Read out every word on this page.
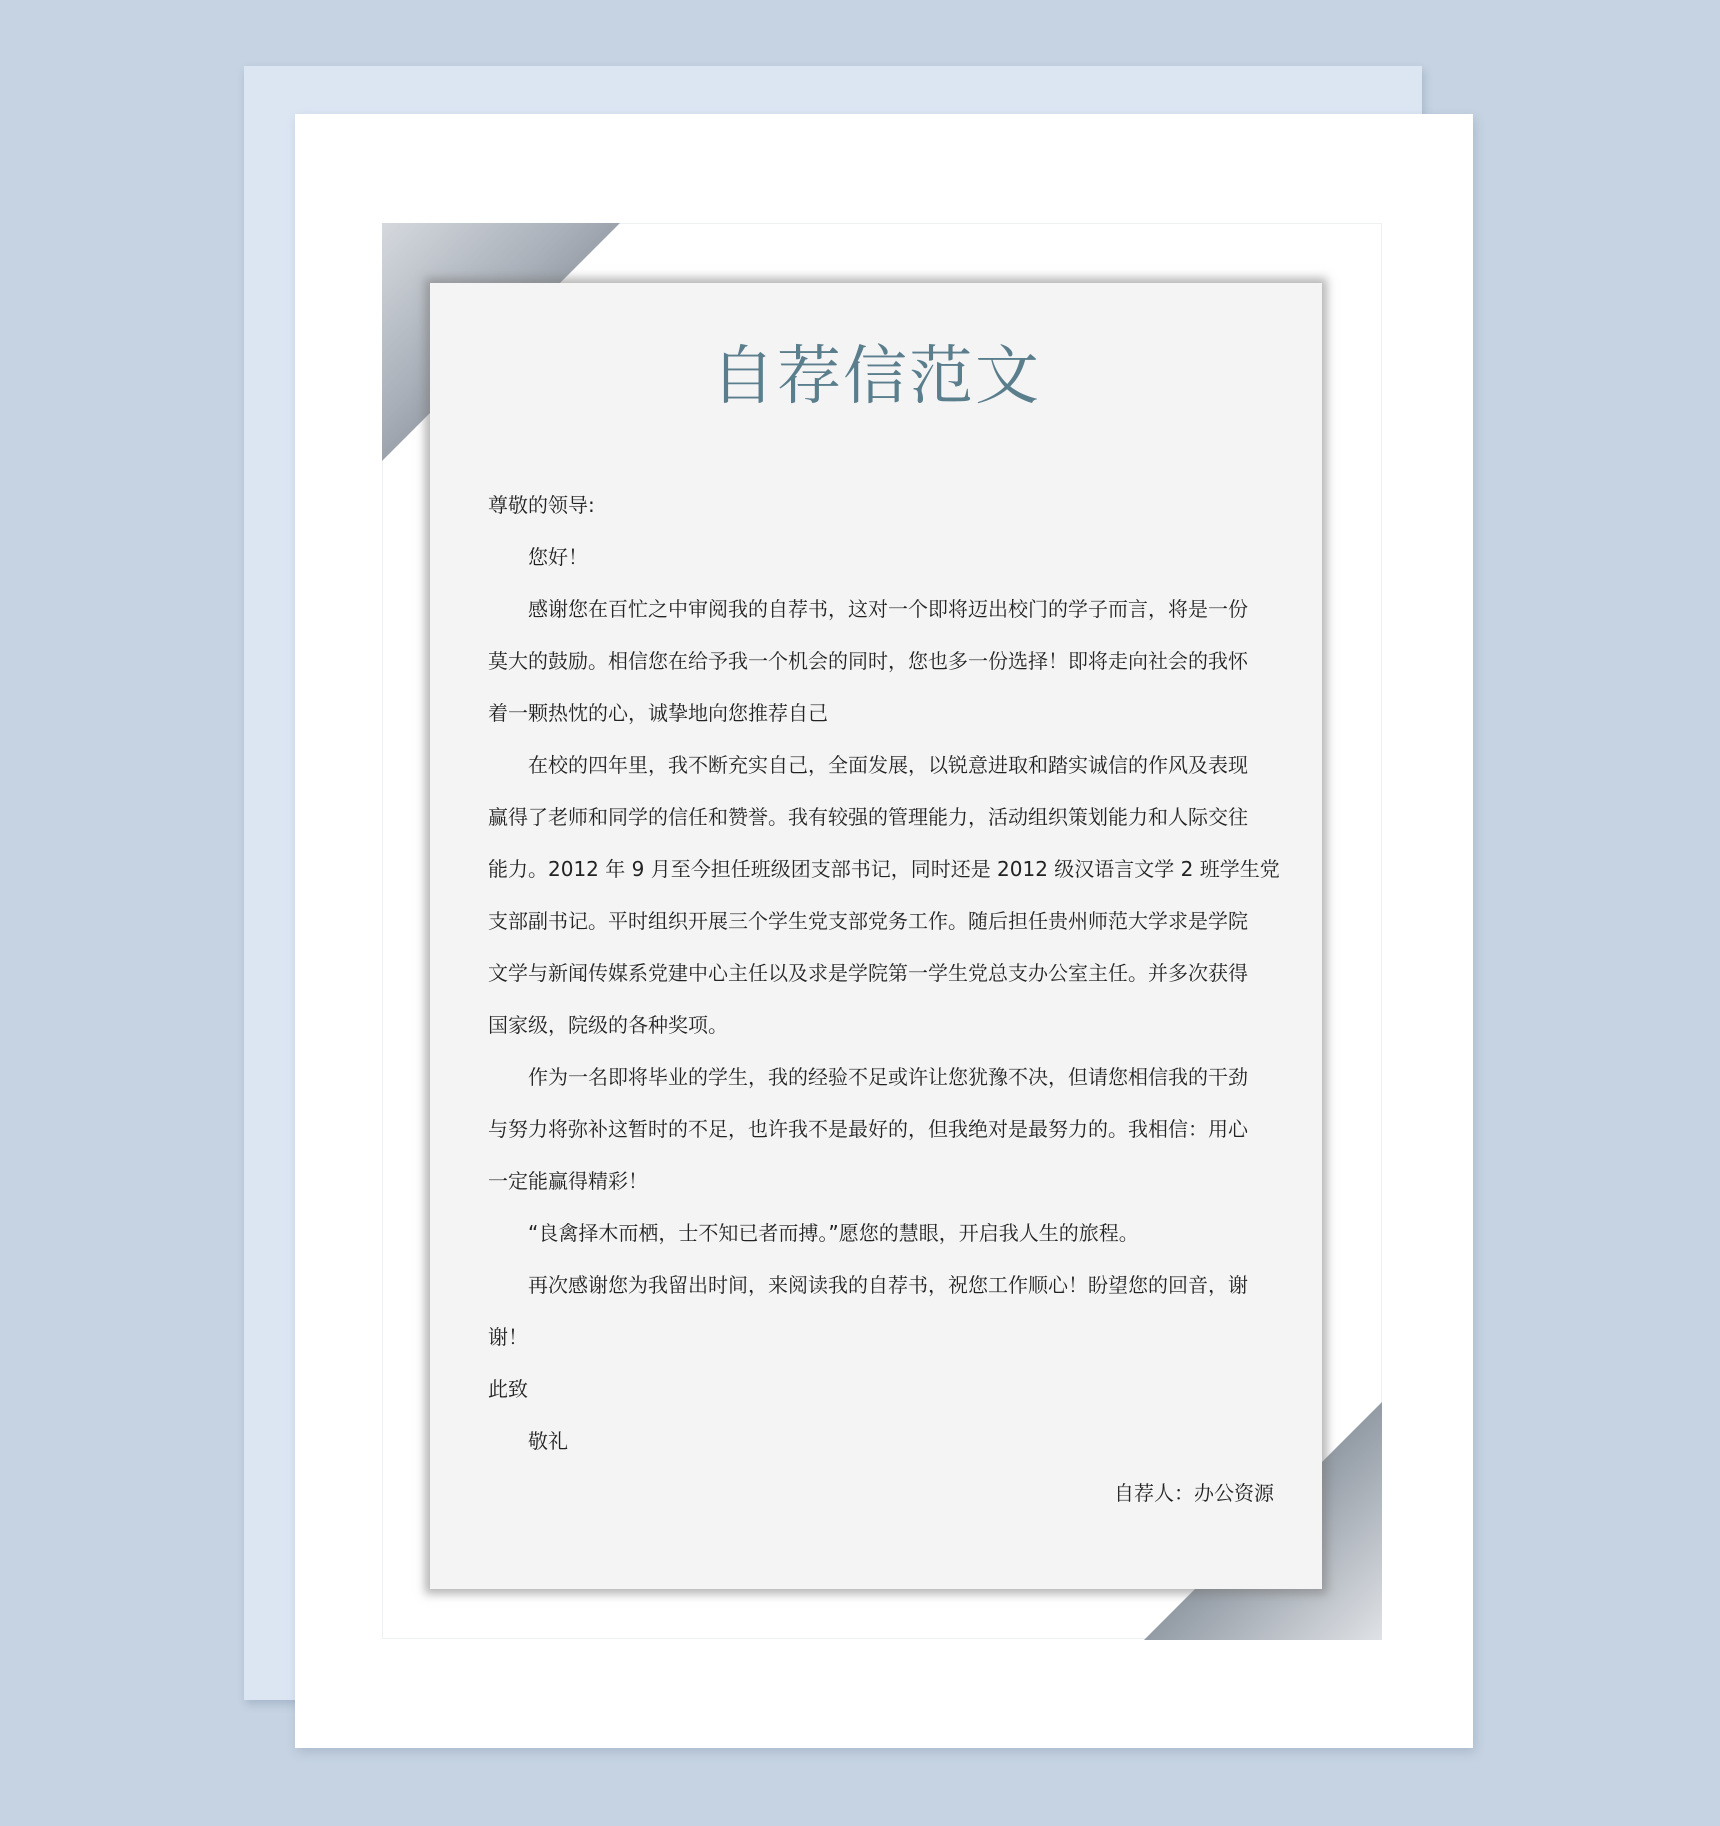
自荐信范文
尊敬的领导:
您好！
感谢您在百忙之中审阅我的自荐书，这对一个即将迈出校门的学子而言，将是一份
莫大的鼓励。相信您在给予我一个机会的同时，您也多一份选择！即将走向社会的我怀
着一颗热忱的心，诚挚地向您推荐自己
在校的四年里，我不断充实自己，全面发展，以锐意进取和踏实诚信的作风及表现
赢得了老师和同学的信任和赞誉。我有较强的管理能力，活动组织策划能力和人际交往
能力。2012 年 9 月至今担任班级团支部书记，同时还是 2012 级汉语言文学 2 班学生党
支部副书记。平时组织开展三个学生党支部党务工作。随后担任贵州师范大学求是学院
文学与新闻传媒系党建中心主任以及求是学院第一学生党总支办公室主任。并多次获得
国家级，院级的各种奖项。
作为一名即将毕业的学生，我的经验不足或许让您犹豫不决，但请您相信我的干劲
与努力将弥补这暂时的不足，也许我不是最好的，但我绝对是最努力的。我相信：用心
一定能赢得精彩！
“良禽择木而栖，士不知已者而搏。”愿您的慧眼，开启我人生的旅程。
再次感谢您为我留出时间，来阅读我的自荐书，祝您工作顺心！盼望您的回音，谢
谢！
此致
敬礼
自荐人：办公资源
